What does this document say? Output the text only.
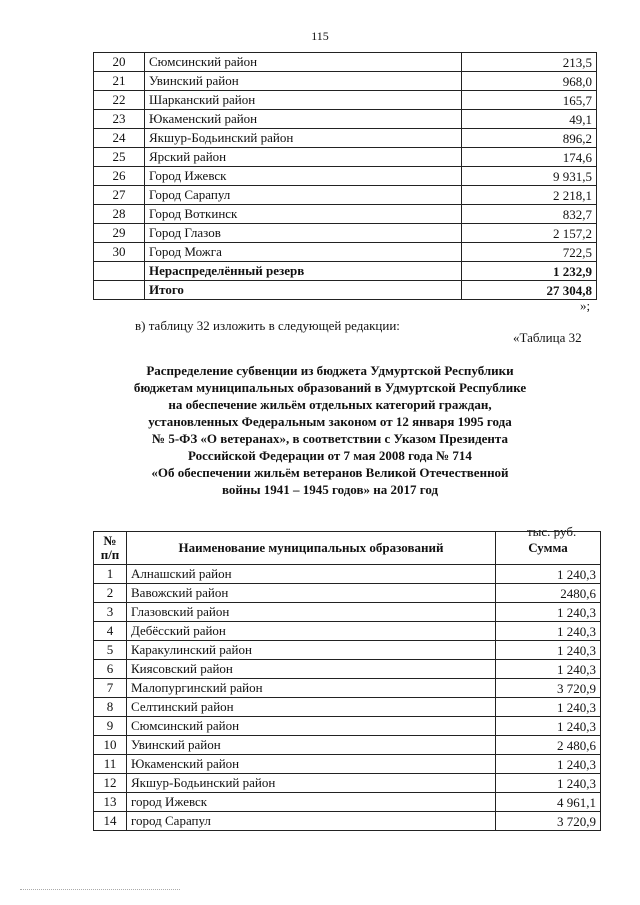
115
20	Сюмсинский район	213,5
21	Увинский район	968,0
22	Шарканский район	165,7
23	Юкаменский район	49,1
24	Якшур-Бодьинский район	896,2
25	Ярский район	174,6
26	Город Ижевск	9 931,5
27	Город Сарапул	2 218,1
28	Город Воткинск	832,7
29	Город Глазов	2 157,2
30	Город Можга	722,5
	Нераспределённый резерв	1 232,9
	Итого	27 304,8
»;
в) таблицу 32 изложить в следующей редакции:
«Таблица 32
Распределение субвенции из бюджета Удмуртской Республики
бюджетам муниципальных образований в Удмуртской Республике
на обеспечение жильём отдельных категорий граждан,
установленных Федеральным законом от 12 января 1995 года
№ 5-ФЗ «О ветеранах», в соответствии с Указом Президента
Российской Федерации от 7 мая 2008 года № 714
«Об обеспечении жильём ветеранов Великой Отечественной
войны 1941 – 1945 годов» на 2017 год
тыс. руб.
№ п/п	Наименование муниципальных образований	Сумма
1	Алнашский район	1 240,3
2	Вавожский район	2480,6
3	Глазовский район	1 240,3
4	Дебёсский район	1 240,3
5	Каракулинский район	1 240,3
6	Киясовский район	1 240,3
7	Малопургинский район	3 720,9
8	Селтинский район	1 240,3
9	Сюмсинский район	1 240,3
10	Увинский район	2 480,6
11	Юкаменский район	1 240,3
12	Якшур-Бодьинский район	1 240,3
13	город Ижевск	4 961,1
14	город Сарапул	3 720,9
